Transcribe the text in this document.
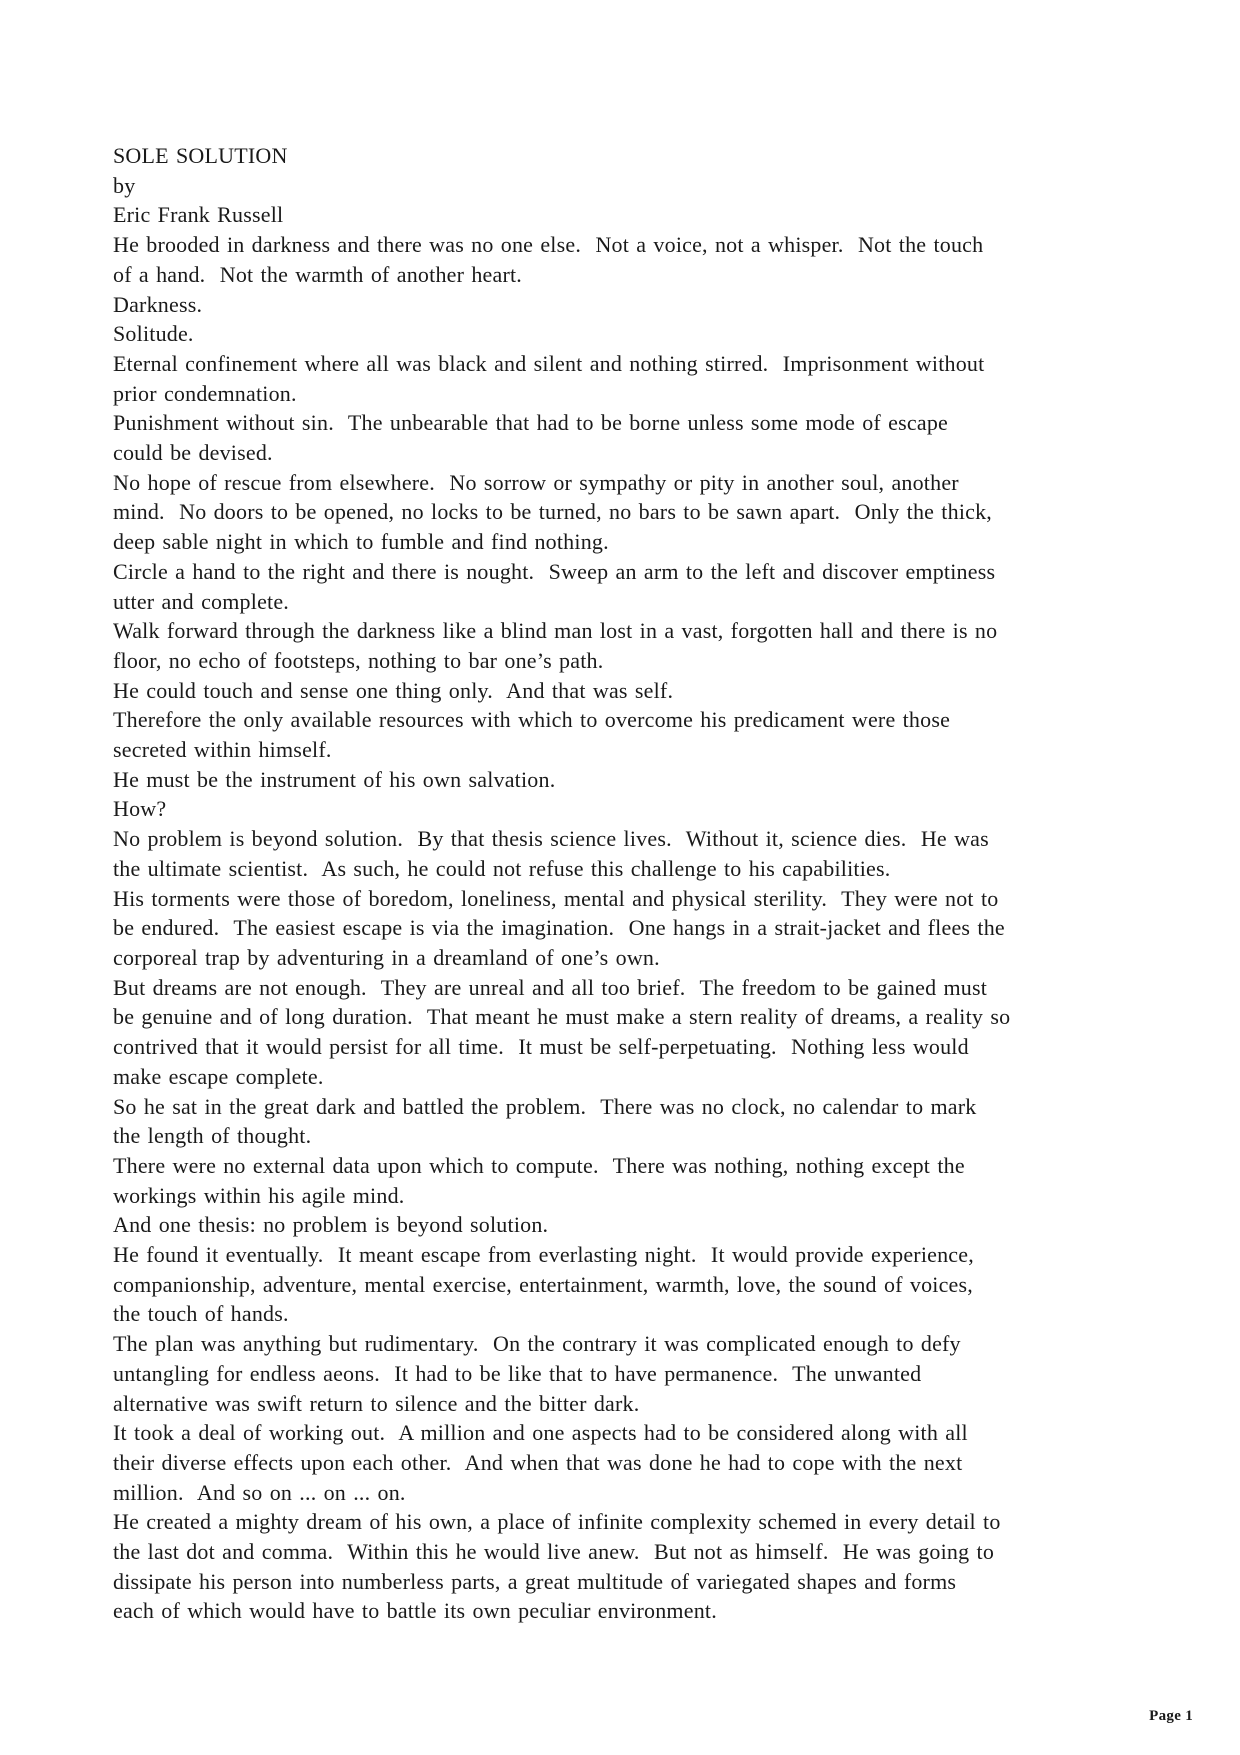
SOLE SOLUTION
by
Eric Frank Russell
He brooded in darkness and there was no one else.  Not a voice, not a whisper.  Not the touch
of a hand.  Not the warmth of another heart.
Darkness.
Solitude.
Eternal confinement where all was black and silent and nothing stirred.  Imprisonment without
prior condemnation.
Punishment without sin.  The unbearable that had to be borne unless some mode of escape
could be devised.
No hope of rescue from elsewhere.  No sorrow or sympathy or pity in another soul, another
mind.  No doors to be opened, no locks to be turned, no bars to be sawn apart.  Only the thick,
deep sable night in which to fumble and find nothing.
Circle a hand to the right and there is nought.  Sweep an arm to the left and discover emptiness
utter and complete.
Walk forward through the darkness like a blind man lost in a vast, forgotten hall and there is no
floor, no echo of footsteps, nothing to bar one’s path.
He could touch and sense one thing only.  And that was self.
Therefore the only available resources with which to overcome his predicament were those
secreted within himself.
He must be the instrument of his own salvation.
How?
No problem is beyond solution.  By that thesis science lives.  Without it, science dies.  He was
the ultimate scientist.  As such, he could not refuse this challenge to his capabilities.
His torments were those of boredom, loneliness, mental and physical sterility.  They were not to
be endured.  The easiest escape is via the imagination.  One hangs in a strait-jacket and flees the
corporeal trap by adventuring in a dreamland of one’s own.
But dreams are not enough.  They are unreal and all too brief.  The freedom to be gained must
be genuine and of long duration.  That meant he must make a stern reality of dreams, a reality so
contrived that it would persist for all time.  It must be self-perpetuating.  Nothing less would
make escape complete.
So he sat in the great dark and battled the problem.  There was no clock, no calendar to mark
the length of thought.
There were no external data upon which to compute.  There was nothing, nothing except the
workings within his agile mind.
And one thesis: no problem is beyond solution.
He found it eventually.  It meant escape from everlasting night.  It would provide experience,
companionship, adventure, mental exercise, entertainment, warmth, love, the sound of voices,
the touch of hands.
The plan was anything but rudimentary.  On the contrary it was complicated enough to defy
untangling for endless aeons.  It had to be like that to have permanence.  The unwanted
alternative was swift return to silence and the bitter dark.
It took a deal of working out.  A million and one aspects had to be considered along with all
their diverse effects upon each other.  And when that was done he had to cope with the next
million.  And so on ... on ... on.
He created a mighty dream of his own, a place of infinite complexity schemed in every detail to
the last dot and comma.  Within this he would live anew.  But not as himself.  He was going to
dissipate his person into numberless parts, a great multitude of variegated shapes and forms
each of which would have to battle its own peculiar environment.
Page 1
